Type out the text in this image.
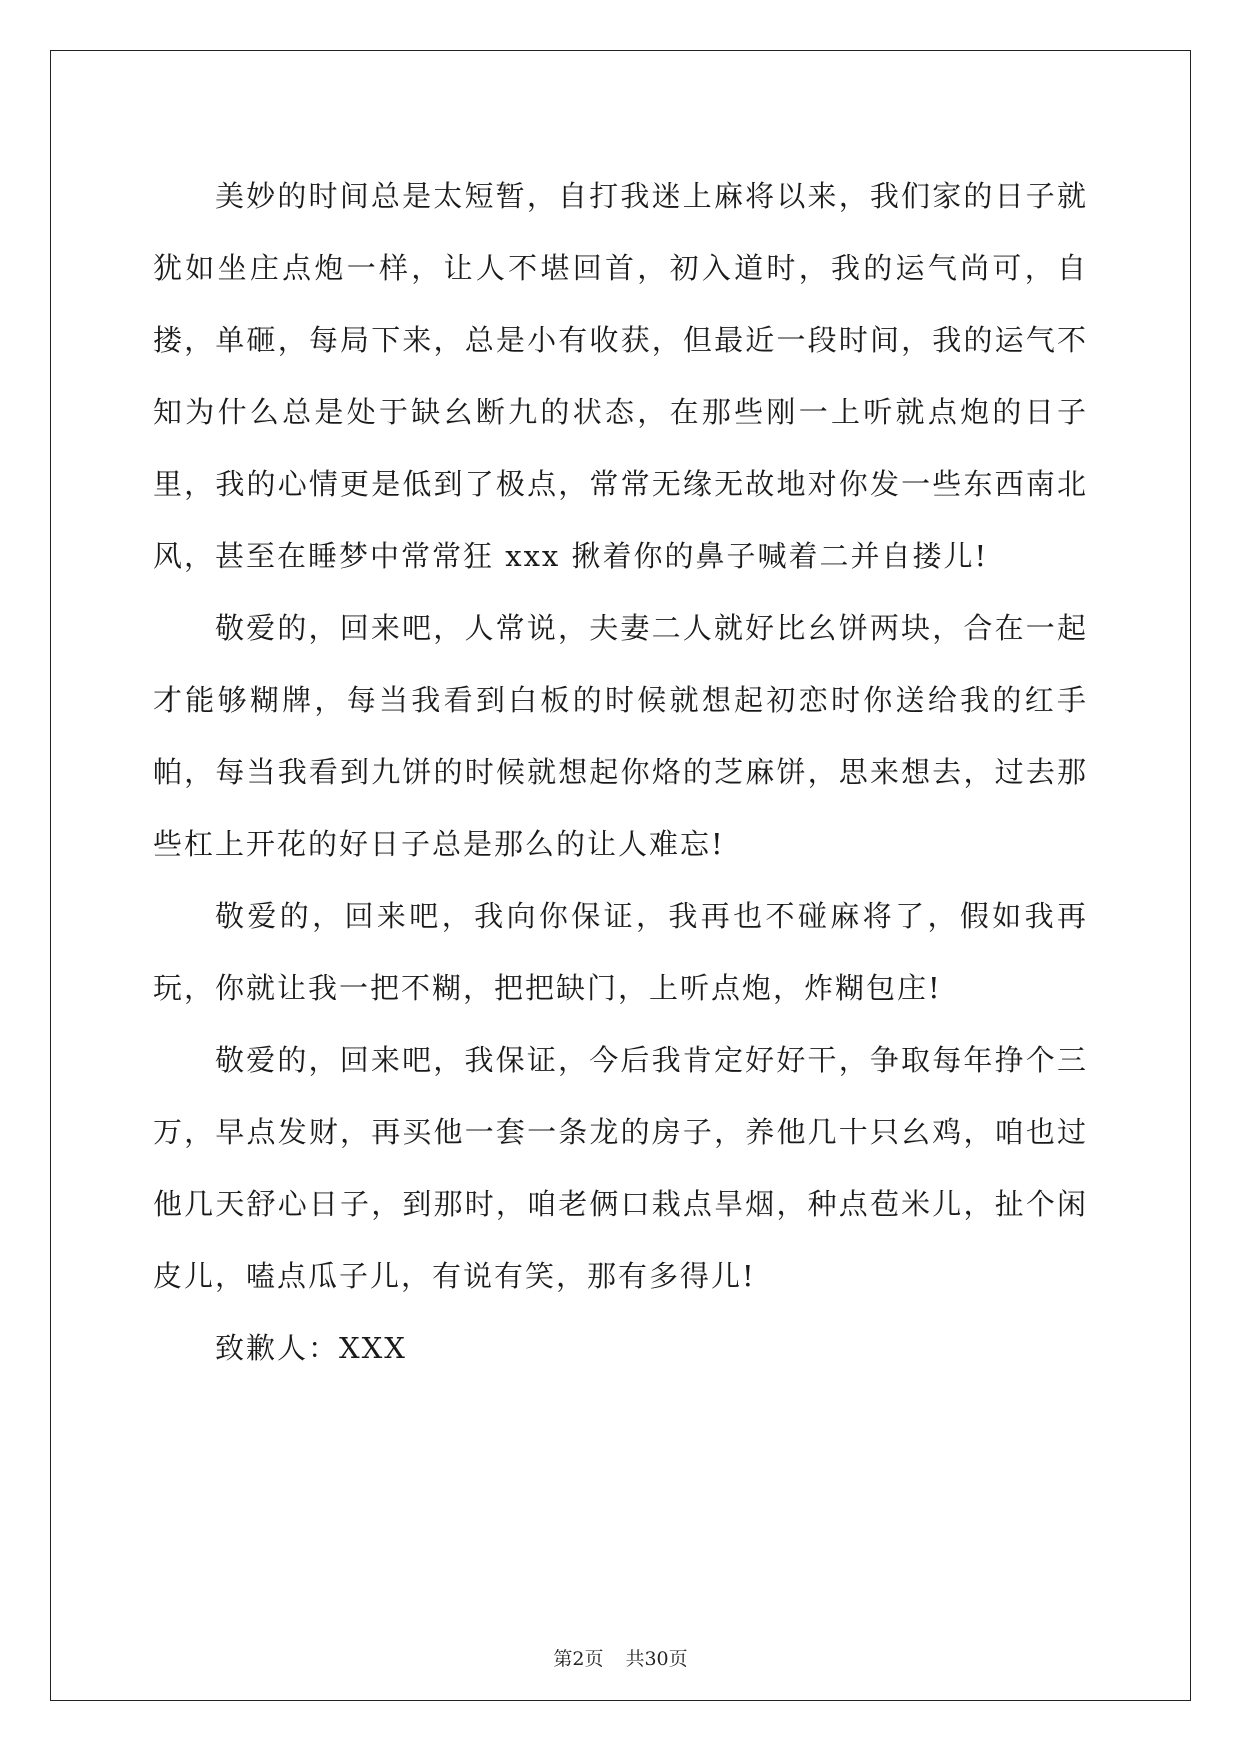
美妙的时间总是太短暂，自打我迷上麻将以来，我们家的日子就犹如坐庄点炮一样，让人不堪回首，初入道时，我的运气尚可，自搂，单砸，每局下来，总是小有收获，但最近一段时间，我的运气不知为什么总是处于缺幺断九的状态，在那些刚一上听就点炮的日子里，我的心情更是低到了极点，常常无缘无故地对你发一些东西南北风，甚至在睡梦中常常狂 xxx 揪着你的鼻子喊着二并自搂儿!

敬爱的，回来吧，人常说，夫妻二人就好比幺饼两块，合在一起才能够糊牌，每当我看到白板的时候就想起初恋时你送给我的红手帕，每当我看到九饼的时候就想起你烙的芝麻饼，思来想去，过去那些杠上开花的好日子总是那么的让人难忘!

敬爱的，回来吧，我向你保证，我再也不碰麻将了，假如我再玩，你就让我一把不糊，把把缺门，上听点炮，炸糊包庄!

敬爱的，回来吧，我保证，今后我肯定好好干，争取每年挣个三万，早点发财，再买他一套一条龙的房子，养他几十只幺鸡，咱也过他几天舒心日子，到那时，咱老俩口栽点旱烟，种点苞米儿，扯个闲皮儿，嗑点瓜子儿，有说有笑，那有多得儿!

致歉人：XXX

第2页 共30页
